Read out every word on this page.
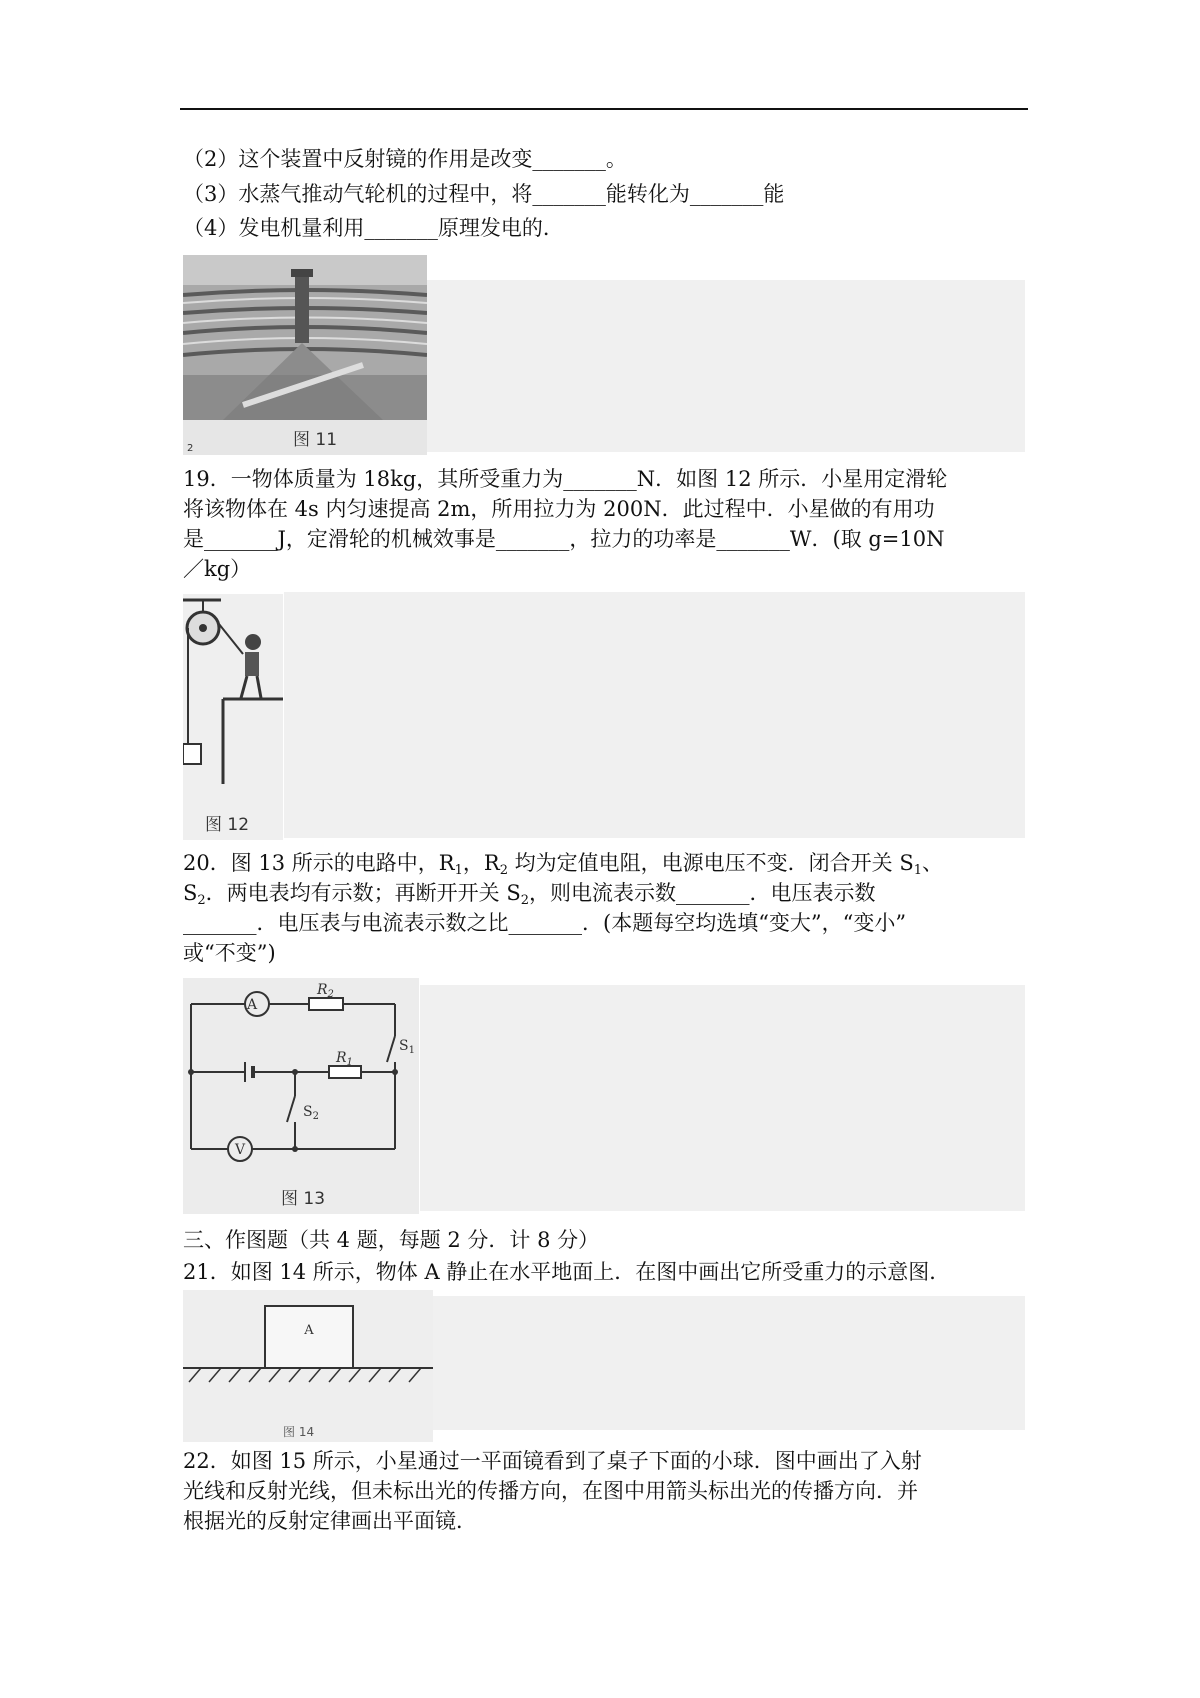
（2）这个装置中反射镜的作用是改变_______。
（3）水蒸气推动气轮机的过程中，将_______能转化为_______能
（4）发电机量利用_______原理发电的．
图 11
2

19．一物体质量为 18kg，其所受重力为_______N．如图 12 所示．小星用定滑轮

将该物体在 4s 内匀速提高 2m，所用拉力为 200N．此过程中．小星做的有用功

是_______J，定滑轮的机械效事是_______，拉力的功率是_______W．(取 g=10N

／kg）

图 12

20．图 13 所示的电路中，$R_1$，$R_2$ 均为定值电阻，电源电压不变．闭合开关 $S_1$、

$S_2$．两电表均有示数；再断开开关 $S_2$，则电流表示数_______．电压表示数

_______．电压表与电流表示数之比_______．(本题每空均选填“变大”，“变小”

或“不变”)

A
V
$R_2$
$R_1$
$S_1$
$S_2$
图 13
三、作图题（共 4 题，每题 2 分．计 8 分）
21．如图 14 所示，物体 A 静止在水平地面上．在图中画出它所受重力的示意图．
A
图 14

22．如图 15 所示，小星通过一平面镜看到了桌子下面的小球．图中画出了入射

光线和反射光线，但未标出光的传播方向，在图中用箭头标出光的传播方向．并

根据光的反射定律画出平面镜．
